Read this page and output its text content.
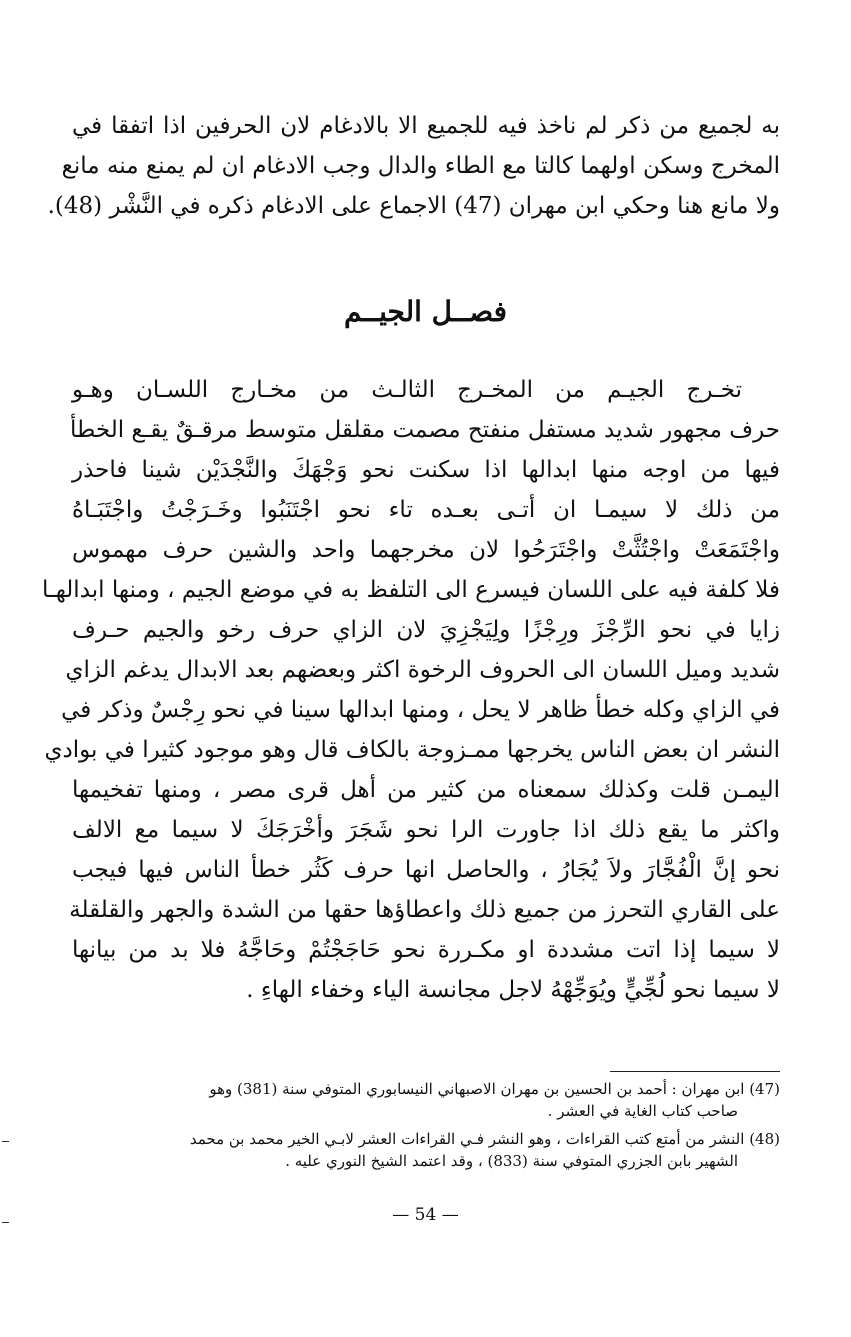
به لجميع من ذكر لم ناخذ فيه للجميع الا بالادغام لان الحرفين اذا اتفقا في
المخرج وسكن اولهما كالتا مع الطاء والدال وجب الادغام ان لم يمنع منه مانع
ولا مانع هنا وحكي ابن مهران (47) الاجماع على الادغام ذكره في النَّشْر (48).
فصــل الجيــم
تخـرج الجيـم من المخـرج الثالـث من مخـارج اللسـان وهـو
حرف مجهور شديد مستفل منفتح مصمت مقلقل متوسط مرقـقٌ يقـع الخطأ
فيها من اوجه منها ابدالها اذا سكنت نحو وَجْهَكَ والنَّجْدَيْن شينا فاحذر
من ذلك لا سيمـا ان أتـى بعـده تاء نحو اجْتَنَبُوا وخَـرَجْتُ واجْتَبَـاهُ
واجْتَمَعَتْ واجْتُثَّتْ واجْتَرَحُوا لان مخرجهما واحد والشين حرف مهموس
فلا كلفة فيه على اللسان فيسرع الى التلفظ به في موضع الجيم ، ومنها ابدالهـا
زايا في نحو الرِّجْزَ ورِجْزًا ولِيَجْزِيَ لان الزاي حرف رخو والجيم حـرف
شديد وميل اللسان الى الحروف الرخوة اكثر وبعضهم بعد الابدال يدغم الزاي
في الزاي وكله خطأ ظاهر لا يحل ، ومنها ابدالها سينا في نحو رِجْسٌ وذكر في
النشر ان بعض الناس يخرجها ممـزوجة بالكاف قال وهو موجود كثيرا في بوادي
اليمـن قلت وكذلك سمعناه من كثير من أهل قرى مصر ، ومنها تفخيمها
واكثر ما يقع ذلك اذا جاورت الرا نحو شَجَرَ وأخْرَجَكَ لا سيما مع الالف
نحو إنَّ الْفُجَّارَ ولاَ يُجَارُ ، والحاصل انها حرف كَثُر خطأ الناس فيها فيجب
على القاري التحرز من جميع ذلك واعطاؤها حقها من الشدة والجهر والقلقلة
لا سيما إذا اتت مشددة او مكـررة نحو حَاجَجْتُمْ وحَاجَّهُ فلا بد من بيانها
لا سيما نحو لُجِّيٍّ ويُوَجِّهْهُ لاجل مجانسة الياء وخفاء الهاءِ .
(47) ابن مهران : أحمد بن الحسين بن مهران الاصبهاني النيسابوري المتوفي سنة (381) وهو
صاحب كتاب الغاية في العشر .
(48) النشر من أمتع كتب القراءات ، وهو النشر فـي القراءات العشر لابـي الخير محمد بن محمد
الشهير بابن الجزري المتوفي سنة (833) ، وقد اعتمد الشيخ النوري عليه .
— 54 —
